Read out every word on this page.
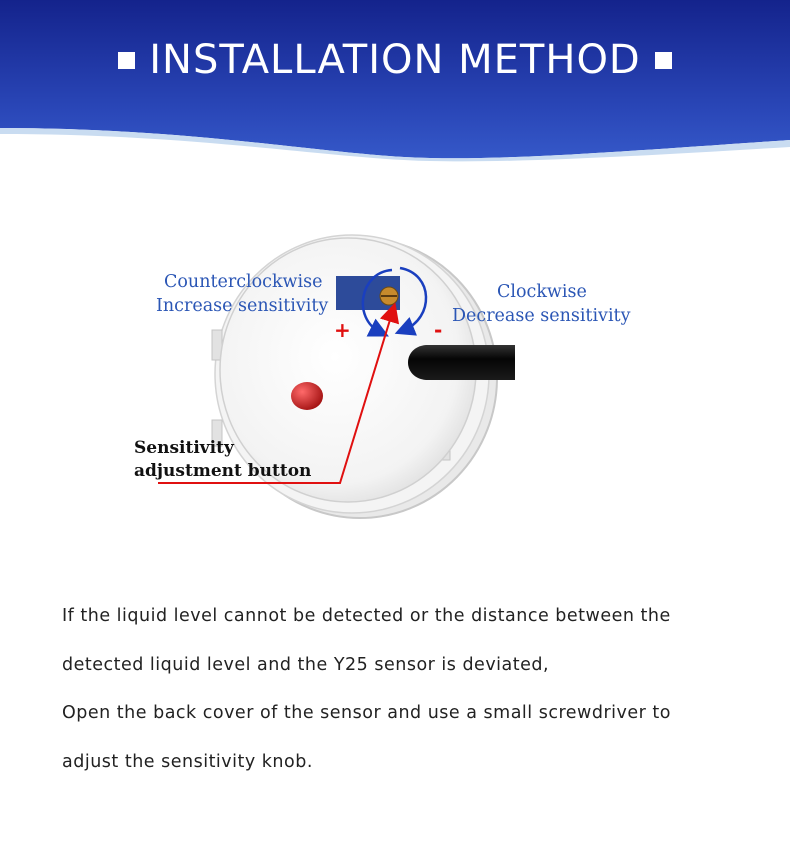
INSTALLATION METHOD
Counterclockwise
Increase sensitivity
Clockwise
Decrease sensitivity
+	-
Sensitivity
adjustment button

If the liquid level cannot be detected or the distance between the

detected liquid level and the Y25 sensor is deviated,

Open the back cover of the sensor and use a small screwdriver to

adjust the sensitivity knob.
